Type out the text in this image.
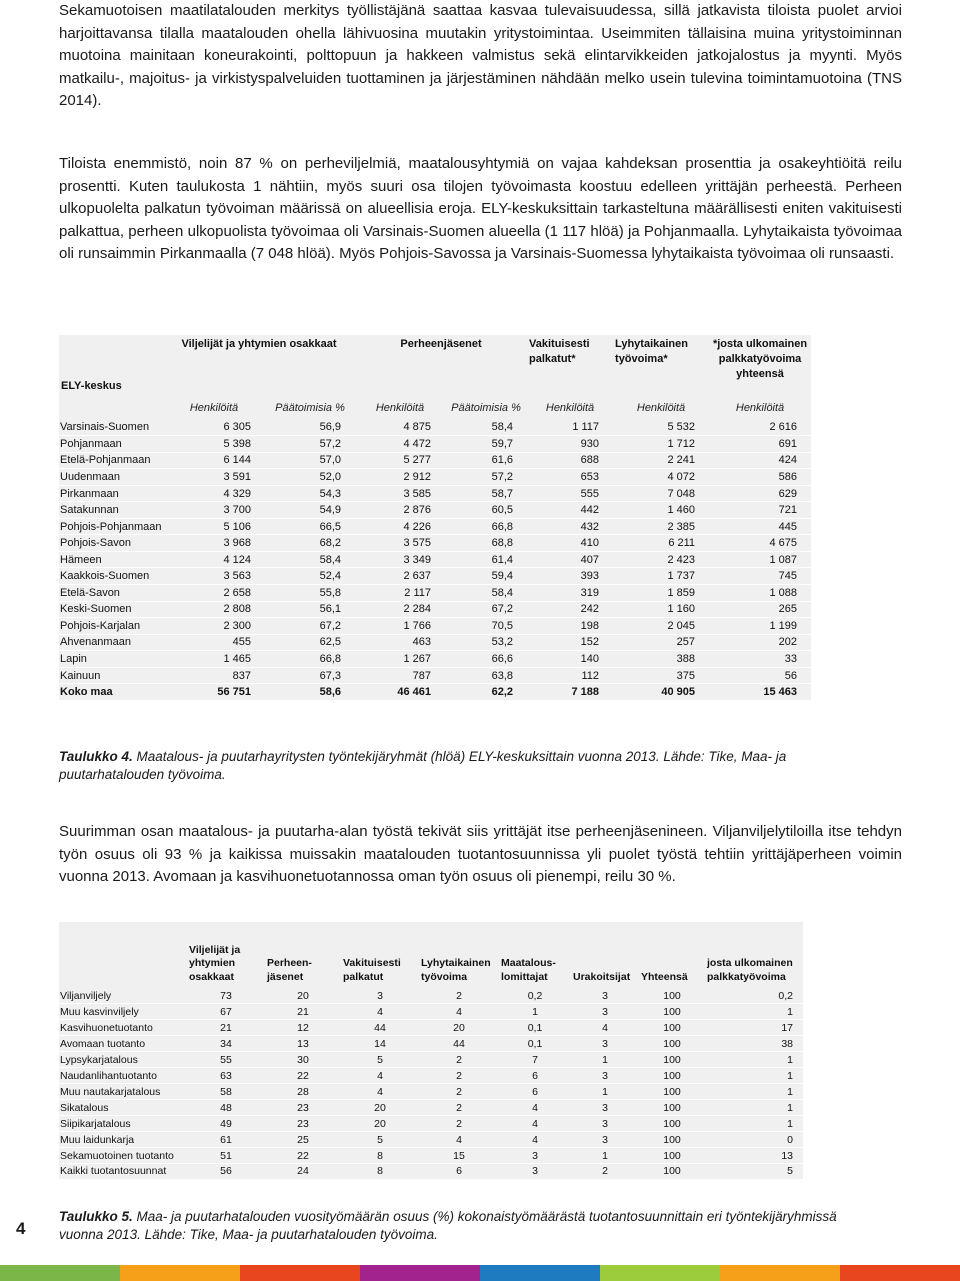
Sekamuotoisen maatilatalouden merkitys työllistäjänä saattaa kasvaa tulevaisuudessa, sillä jatkavista tiloista puolet arvioi harjoittavansa tilalla maatalouden ohella lähivuosina muutakin yritystoimintaa. Useimmiten tällaisina muina yritystoiminnan muotoina mainitaan koneurakointi, polttopuun ja hakkeen valmistus sekä elintarvikkeiden jatkojalostus ja myynti. Myös matkailu-, majoitus- ja virkistyspalveluiden tuottaminen ja järjestäminen nähdään melko usein tulevina toimintamuotoina (TNS 2014).

Tiloista enemmistö, noin 87 % on perheviljelmiä, maatalousyhtymiä on vajaa kahdeksan prosenttia ja osakeyhtiöitä reilu prosentti. Kuten taulukosta 1 nähtiin, myös suuri osa tilojen työvoimasta koostuu edelleen yrittäjän perheestä. Perheen ulkopuolelta palkatun työvoiman määrissä on alueellisia eroja. ELY-keskuksittain tarkasteltuna määrällisesti eniten vakituisesti palkattua, perheen ulkopuolista työvoimaa oli Varsinais-Suomen alueella (1 117 hlöä) ja Pohjanmaalla. Lyhytaikaista työvoimaa oli runsaimmin Pirkanmaalla (7 048 hlöä). Myös Pohjois-Savossa ja Varsinais-Suomessa lyhytaikaista työvoimaa oli runsaasti.

ELY-keskus	Viljelijät ja yhtymien osakkaat		Perheenjäsenet		Vakituisesti palkatut*	Lyhytaikainen työvoima*	*josta ulkomainen palkkatyövoima yhteensä
	Henkilöitä	Päätoimisia %	Henkilöitä	Päätoimisia %	Henkilöitä	Henkilöitä	Henkilöitä
Varsinais-Suomen	6 305	56,9	4 875	58,4	1 117	5 532	2 616
Pohjanmaan	5 398	57,2	4 472	59,7	930	1 712	691
Etelä-Pohjanmaan	6 144	57,0	5 277	61,6	688	2 241	424
Uudenmaan	3 591	52,0	2 912	57,2	653	4 072	586
Pirkanmaan	4 329	54,3	3 585	58,7	555	7 048	629
Satakunnan	3 700	54,9	2 876	60,5	442	1 460	721
Pohjois-Pohjanmaan	5 106	66,5	4 226	66,8	432	2 385	445
Pohjois-Savon	3 968	68,2	3 575	68,8	410	6 211	4 675
Hämeen	4 124	58,4	3 349	61,4	407	2 423	1 087
Kaakkois-Suomen	3 563	52,4	2 637	59,4	393	1 737	745
Etelä-Savon	2 658	55,8	2 117	58,4	319	1 859	1 088
Keski-Suomen	2 808	56,1	2 284	67,2	242	1 160	265
Pohjois-Karjalan	2 300	67,2	1 766	70,5	198	2 045	1 199
Ahvenanmaan	455	62,5	463	53,2	152	257	202
Lapin	1 465	66,8	1 267	66,6	140	388	33
Kainuun	837	67,3	787	63,8	112	375	56
Koko maa	56 751	58,6	46 461	62,2	7 188	40 905	15 463

Taulukko 4. Maatalous- ja puutarhayritysten työntekijäryhmät (hlöä) ELY-keskuksittain vuonna 2013. Lähde: Tike, Maa- ja puutarhatalouden työvoima.

Suurimman osan maatalous- ja puutarha-alan työstä tekivät siis yrittäjät itse perheenjäsenineen. Viljanviljelytiloilla itse tehdyn työn osuus oli 93 % ja kaikissa muissakin maatalouden tuotantosuunnissa yli puolet työstä tehtiin yrittäjäperheen voimin vuonna 2013. Avomaan ja kasvihuonetuotannossa oman työn osuus oli pienempi, reilu 30 %.

	Viljelijät ja yhtymien osakkaat	Perheen-jäsenet	Vakituisesti palkatut	Lyhytaikainen työvoima	Maatalous-lomittajat	Urakoitsijat	Yhteensä	josta ulkomainen palkkatyövoima
Viljanviljely	73	20	3	2	0,2	3	100	0,2
Muu kasvinviljely	67	21	4	4	1	3	100	1
Kasvihuonetuotanto	21	12	44	20	0,1	4	100	17
Avomaan tuotanto	34	13	14	44	0,1	3	100	38
Lypsykarjatalous	55	30	5	2	7	1	100	1
Naudanlihantuotanto	63	22	4	2	6	3	100	1
Muu nautakarjatalous	58	28	4	2	6	1	100	1
Sikatalous	48	23	20	2	4	3	100	1
Siipikarjatalous	49	23	20	2	4	3	100	1
Muu laidunkarja	61	25	5	4	4	3	100	0
Sekamuotoinen tuotanto	51	22	8	15	3	1	100	13
Kaikki tuotantosuunnat	56	24	8	6	3	2	100	5

Taulukko 5. Maa- ja puutarhatalouden vuosityömäärän osuus (%) kokonaistyömäärästä tuotantosuunnittain eri työntekijäryhmissä vuonna 2013. Lähde: Tike, Maa- ja puutarhatalouden työvoima.

4
